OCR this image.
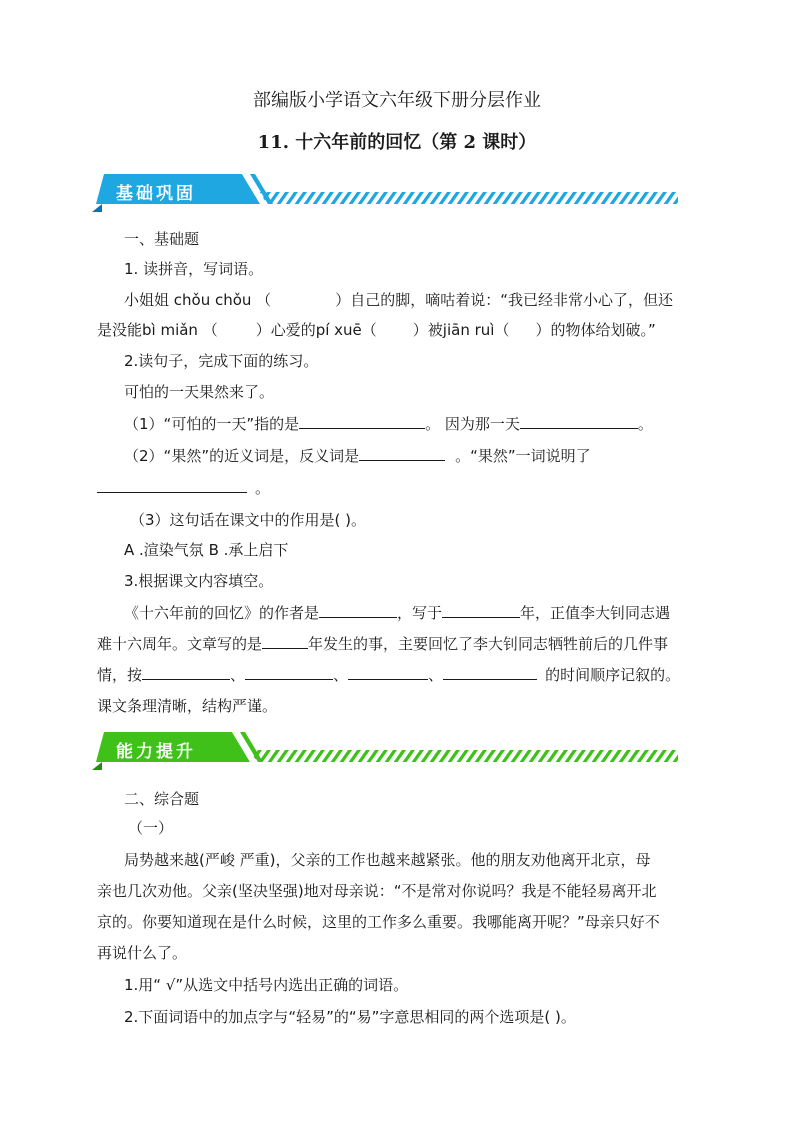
部编版小学语文六年级下册分层作业
11. 十六年前的回忆（第 2 课时）
基础巩固
一、基础题
1. 读拼音，写词语。
小姐姐 chǒu chǒu （	）自己的脚，嘀咕着说：“我已经非常小心了，但还
是没能bì miǎn （	）心爱的pí xuē（ ）被jiān ruì（ ）的物体给划破。”
2.读句子，完成下面的练习。
可怕的一天果然来了。
（1）“可怕的一天”指的是	。 因为那一天	。
（2）“果然”的近义词是，反义词是	。“果然”一词说明了
。
（3）这句话在课文中的作用是( )。
A .渲染气氛 B .承上启下
3.根据课文内容填空。
《十六年前的回忆》的作者是	，写于	年，正值李大钊同志遇
难十六周年。文章写的是	年发生的事，主要回忆了李大钊同志牺牲前后的几件事
情，按	、	、	、	的时间顺序记叙的。
课文条理清晰，结构严谨。
能力提升
二、综合题
（一）
局势越来越(严峻 严重)，父亲的工作也越来越紧张。他的朋友劝他离开北京，母
亲也几次劝他。父亲(坚决坚强)地对母亲说：“不是常对你说吗？我是不能轻易离开北
京的。你要知道现在是什么时候，这里的工作多么重要。我哪能离开呢？”母亲只好不
再说什么了。
1.用“ √”从选文中括号内选出正确的词语。
2.下面词语中的加点字与“轻易”的“易”字意思相同的两个选项是( )。
